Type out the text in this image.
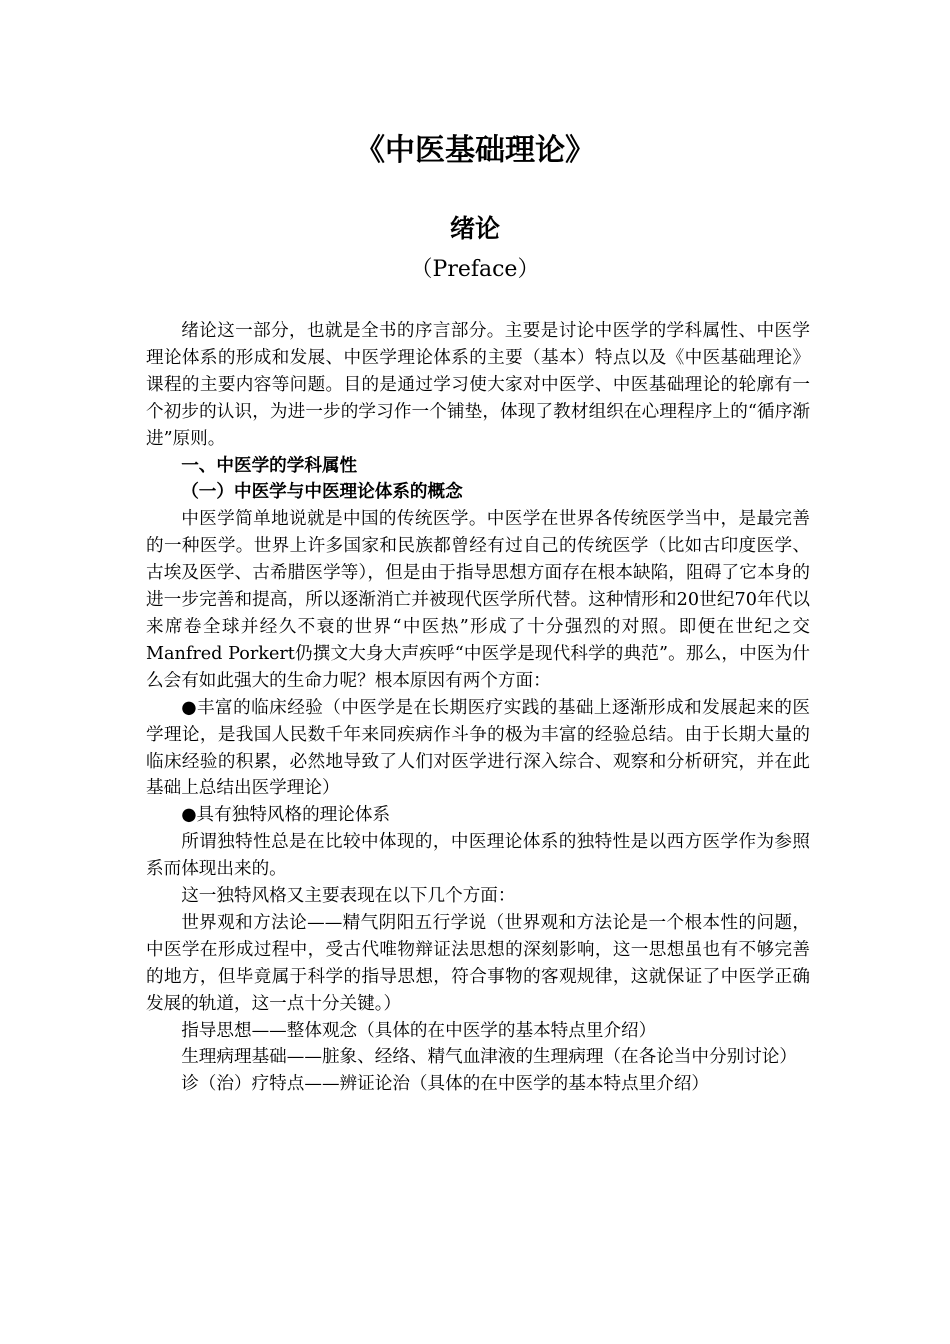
《中医基础理论》
绪论
（Preface）

绪论这一部分，也就是全书的序言部分。主要是讨论中医学的学科属性、中医学理论体系的形成和发展、中医学理论体系的主要（基本）特点以及《中医基础理论》课程的主要内容等问题。目的是通过学习使大家对中医学、中医基础理论的轮廓有一个初步的认识，为进一步的学习作一个铺垫，体现了教材组织在心理程序上的“循序渐进”原则。

一、中医学的学科属性

（一）中医学与中医理论体系的概念

中医学简单地说就是中国的传统医学。中医学在世界各传统医学当中，是最完善的一种医学。世界上许多国家和民族都曾经有过自己的传统医学（比如古印度医学、古埃及医学、古希腊医学等），但是由于指导思想方面存在根本缺陷，阻碍了它本身的进一步完善和提高，所以逐渐消亡并被现代医学所代替。这种情形和20世纪70年代以来席卷全球并经久不衰的世界“中医热”形成了十分强烈的对照。即便在世纪之交Manfred Porkert仍撰文大身大声疾呼“中医学是现代科学的典范”。那么，中医为什么会有如此强大的生命力呢？根本原因有两个方面：

●丰富的临床经验（中医学是在长期医疗实践的基础上逐渐形成和发展起来的医学理论，是我国人民数千年来同疾病作斗争的极为丰富的经验总结。由于长期大量的临床经验的积累，必然地导致了人们对医学进行深入综合、观察和分析研究，并在此基础上总结出医学理论）

●具有独特风格的理论体系

所谓独特性总是在比较中体现的，中医理论体系的独特性是以西方医学作为参照系而体现出来的。

这一独特风格又主要表现在以下几个方面：

世界观和方法论——精气阴阳五行学说（世界观和方法论是一个根本性的问题，中医学在形成过程中，受古代唯物辩证法思想的深刻影响，这一思想虽也有不够完善的地方，但毕竟属于科学的指导思想，符合事物的客观规律，这就保证了中医学正确发展的轨道，这一点十分关键。）

指导思想——整体观念（具体的在中医学的基本特点里介绍）

生理病理基础——脏象、经络、精气血津液的生理病理（在各论当中分别讨论）

诊（治）疗特点——辨证论治（具体的在中医学的基本特点里介绍）
